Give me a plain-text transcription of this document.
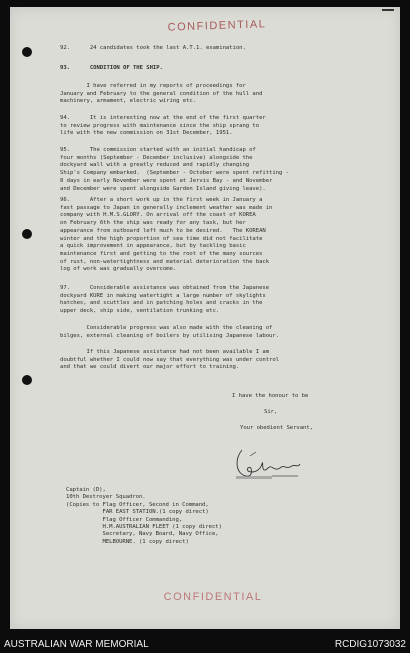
CONFIDENTIAL
92.      24 candidates took the last A.T.1. examination.
93.      CONDITION OF THE SHIP.
I have referred in my reports of proceedings for
January and February to the general condition of the hull and
machinery, armament, electric wiring etc.
94.      It is interesting now at the end of the first quarter
to review progress with maintenance since the ship sprang to
life with the new commission on 31st December, 1951.
95.      The commission started with an initial handicap of
four months (September - December inclusive) alongside the
dockyard wall with a greatly reduced and rapidly changing
Ship's Company embarked.  (September - October were spent refitting -
8 days in early November were spent at Jervis Bay - and November
and December were spent alongside Garden Island giving leave).
96.      After a short work up in the first week in January a
fast passage to Japan in generally inclement weather was made in
company with H.M.S.GLORY. On arrival off the coast of KOREA
on February 6th the ship was ready for any task, but her
appearance from outboard left much to be desired.   The KOREAN
winter and the high proportion of sea time did not facilitate
a quick improvement in appearance, but by tackling basic
maintenance first and getting to the root of the many sources
of rust, non-watertightness and material deterioration the back
log of work was gradually overcome.
97.      Considerable assistance was obtained from the Japanese
dockyard KURE in making watertight a large number of skylights
hatches, and scuttles and in patching holes and cracks in the
upper deck, ship side, ventilation trunking etc.
Considerable progress was also made with the cleaning of
bilges, external cleaning of boilers by utilising Japanese labour.
If this Japanese assistance had not been available I am
doubtful whether I could now say that everything was under control
and that we could divert our major effort to training.
I have the honour to be
Sir,
Your obedient Servant,
Captain (D),
10th Destroyer Squadron.
(Copies to Flag Officer, Second in Command,
FAR EAST STATION.(1 copy direct)
Flag Officer Commanding,
H.M.AUSTRALIAN FLEET (1 copy direct)
Secretary, Navy Board, Navy Office,
MELBOURNE. (1 copy direct)
CONFIDENTIAL
AUSTRALIAN WAR MEMORIAL	RCDIG1073032
